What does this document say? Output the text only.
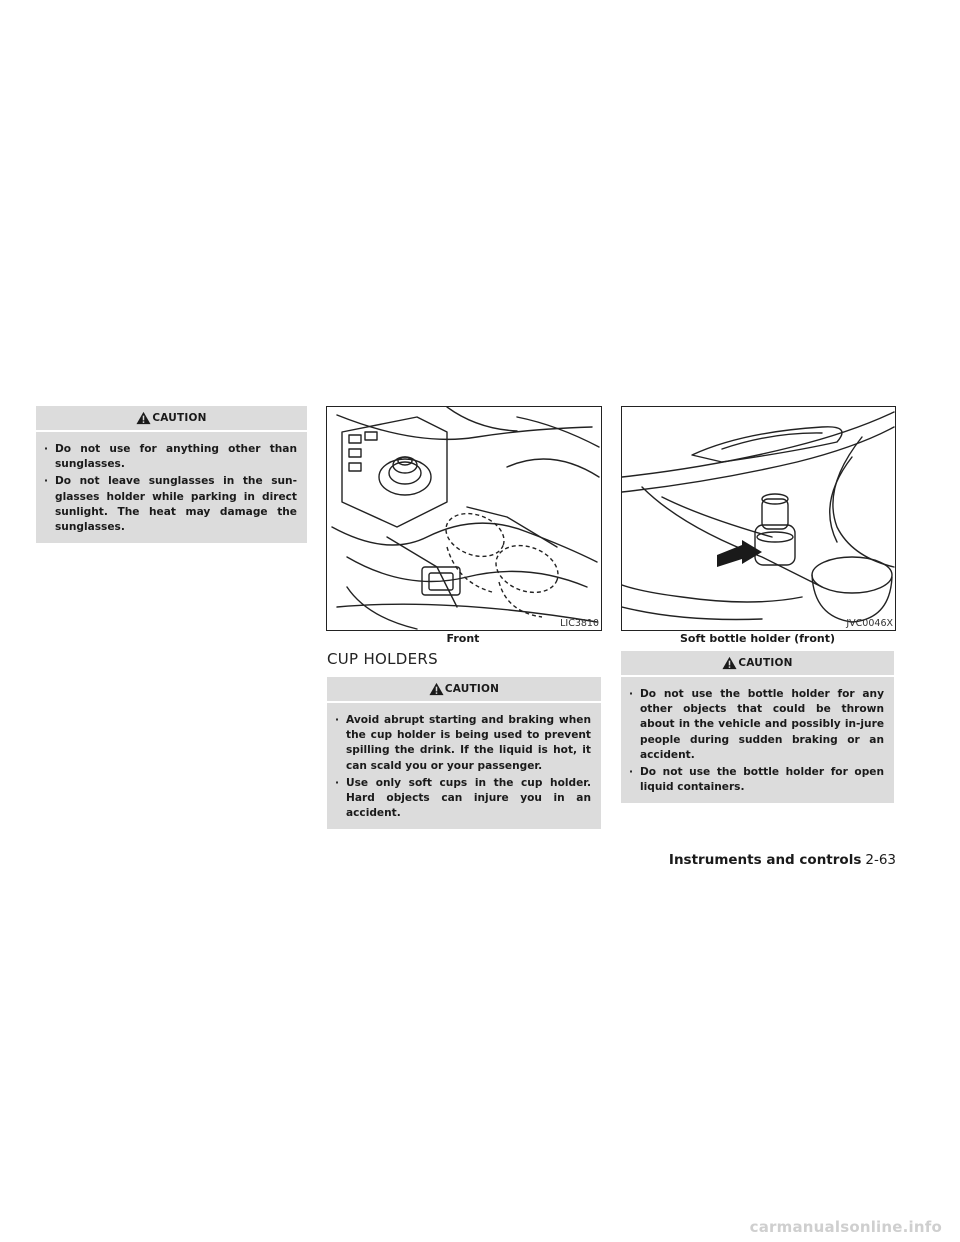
CAUTION
· Do not use for anything other than sunglasses.
· Do not leave sunglasses in the sun-glasses holder while parking in direct sunlight. The heat may damage the sunglasses.
LIC3810
Front
JVC0046X
Soft bottle holder (front)
CUP HOLDERS
CAUTION
· Avoid abrupt starting and braking when the cup holder is being used to prevent spilling the drink. If the liquid is hot, it can scald you or your passenger.
· Use only soft cups in the cup holder. Hard objects can injure you in an accident.
CAUTION
· Do not use the bottle holder for any other objects that could be thrown about in the vehicle and possibly in-jure people during sudden braking or an accident.
· Do not use the bottle holder for open liquid containers.
Instruments and controls 2-63
carmanualsonline.info
